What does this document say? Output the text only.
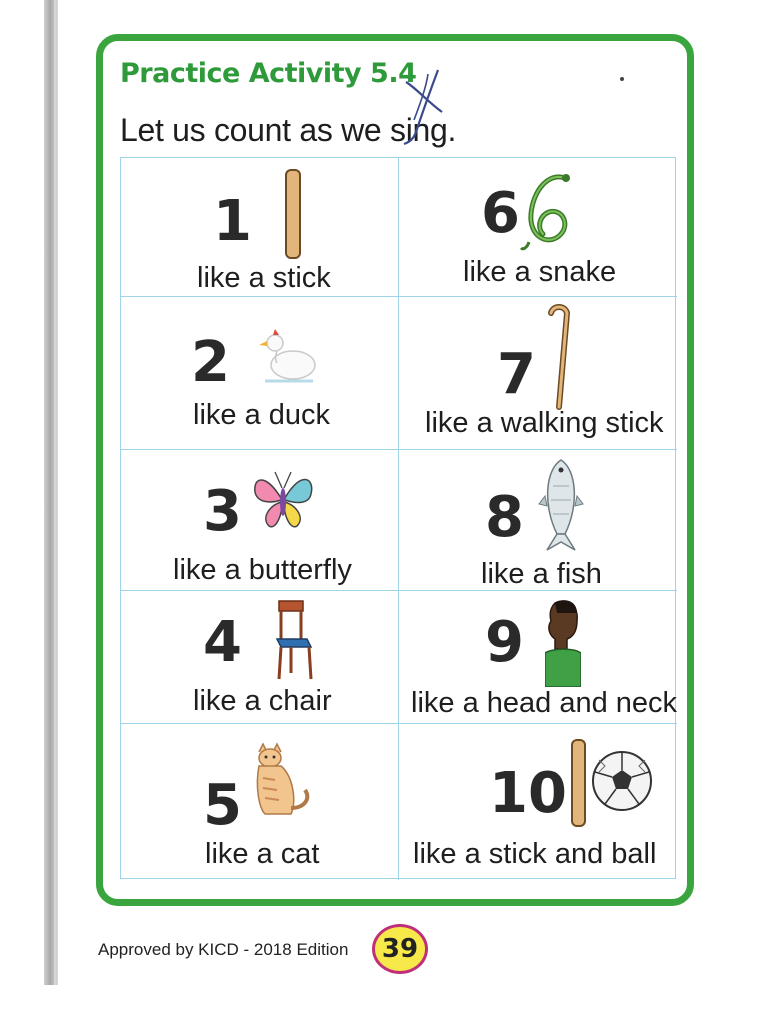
Practice Activity 5.4
Let us count as we sing.
1
like a stick
6
like a snake
2
like a duck
7
like a walking stick
3
like a butterfly
8
like a fish
4
like a chair
9
like a head and neck
5
like a cat
10
like a stick and ball
Approved by KICD - 2018 Edition 39
